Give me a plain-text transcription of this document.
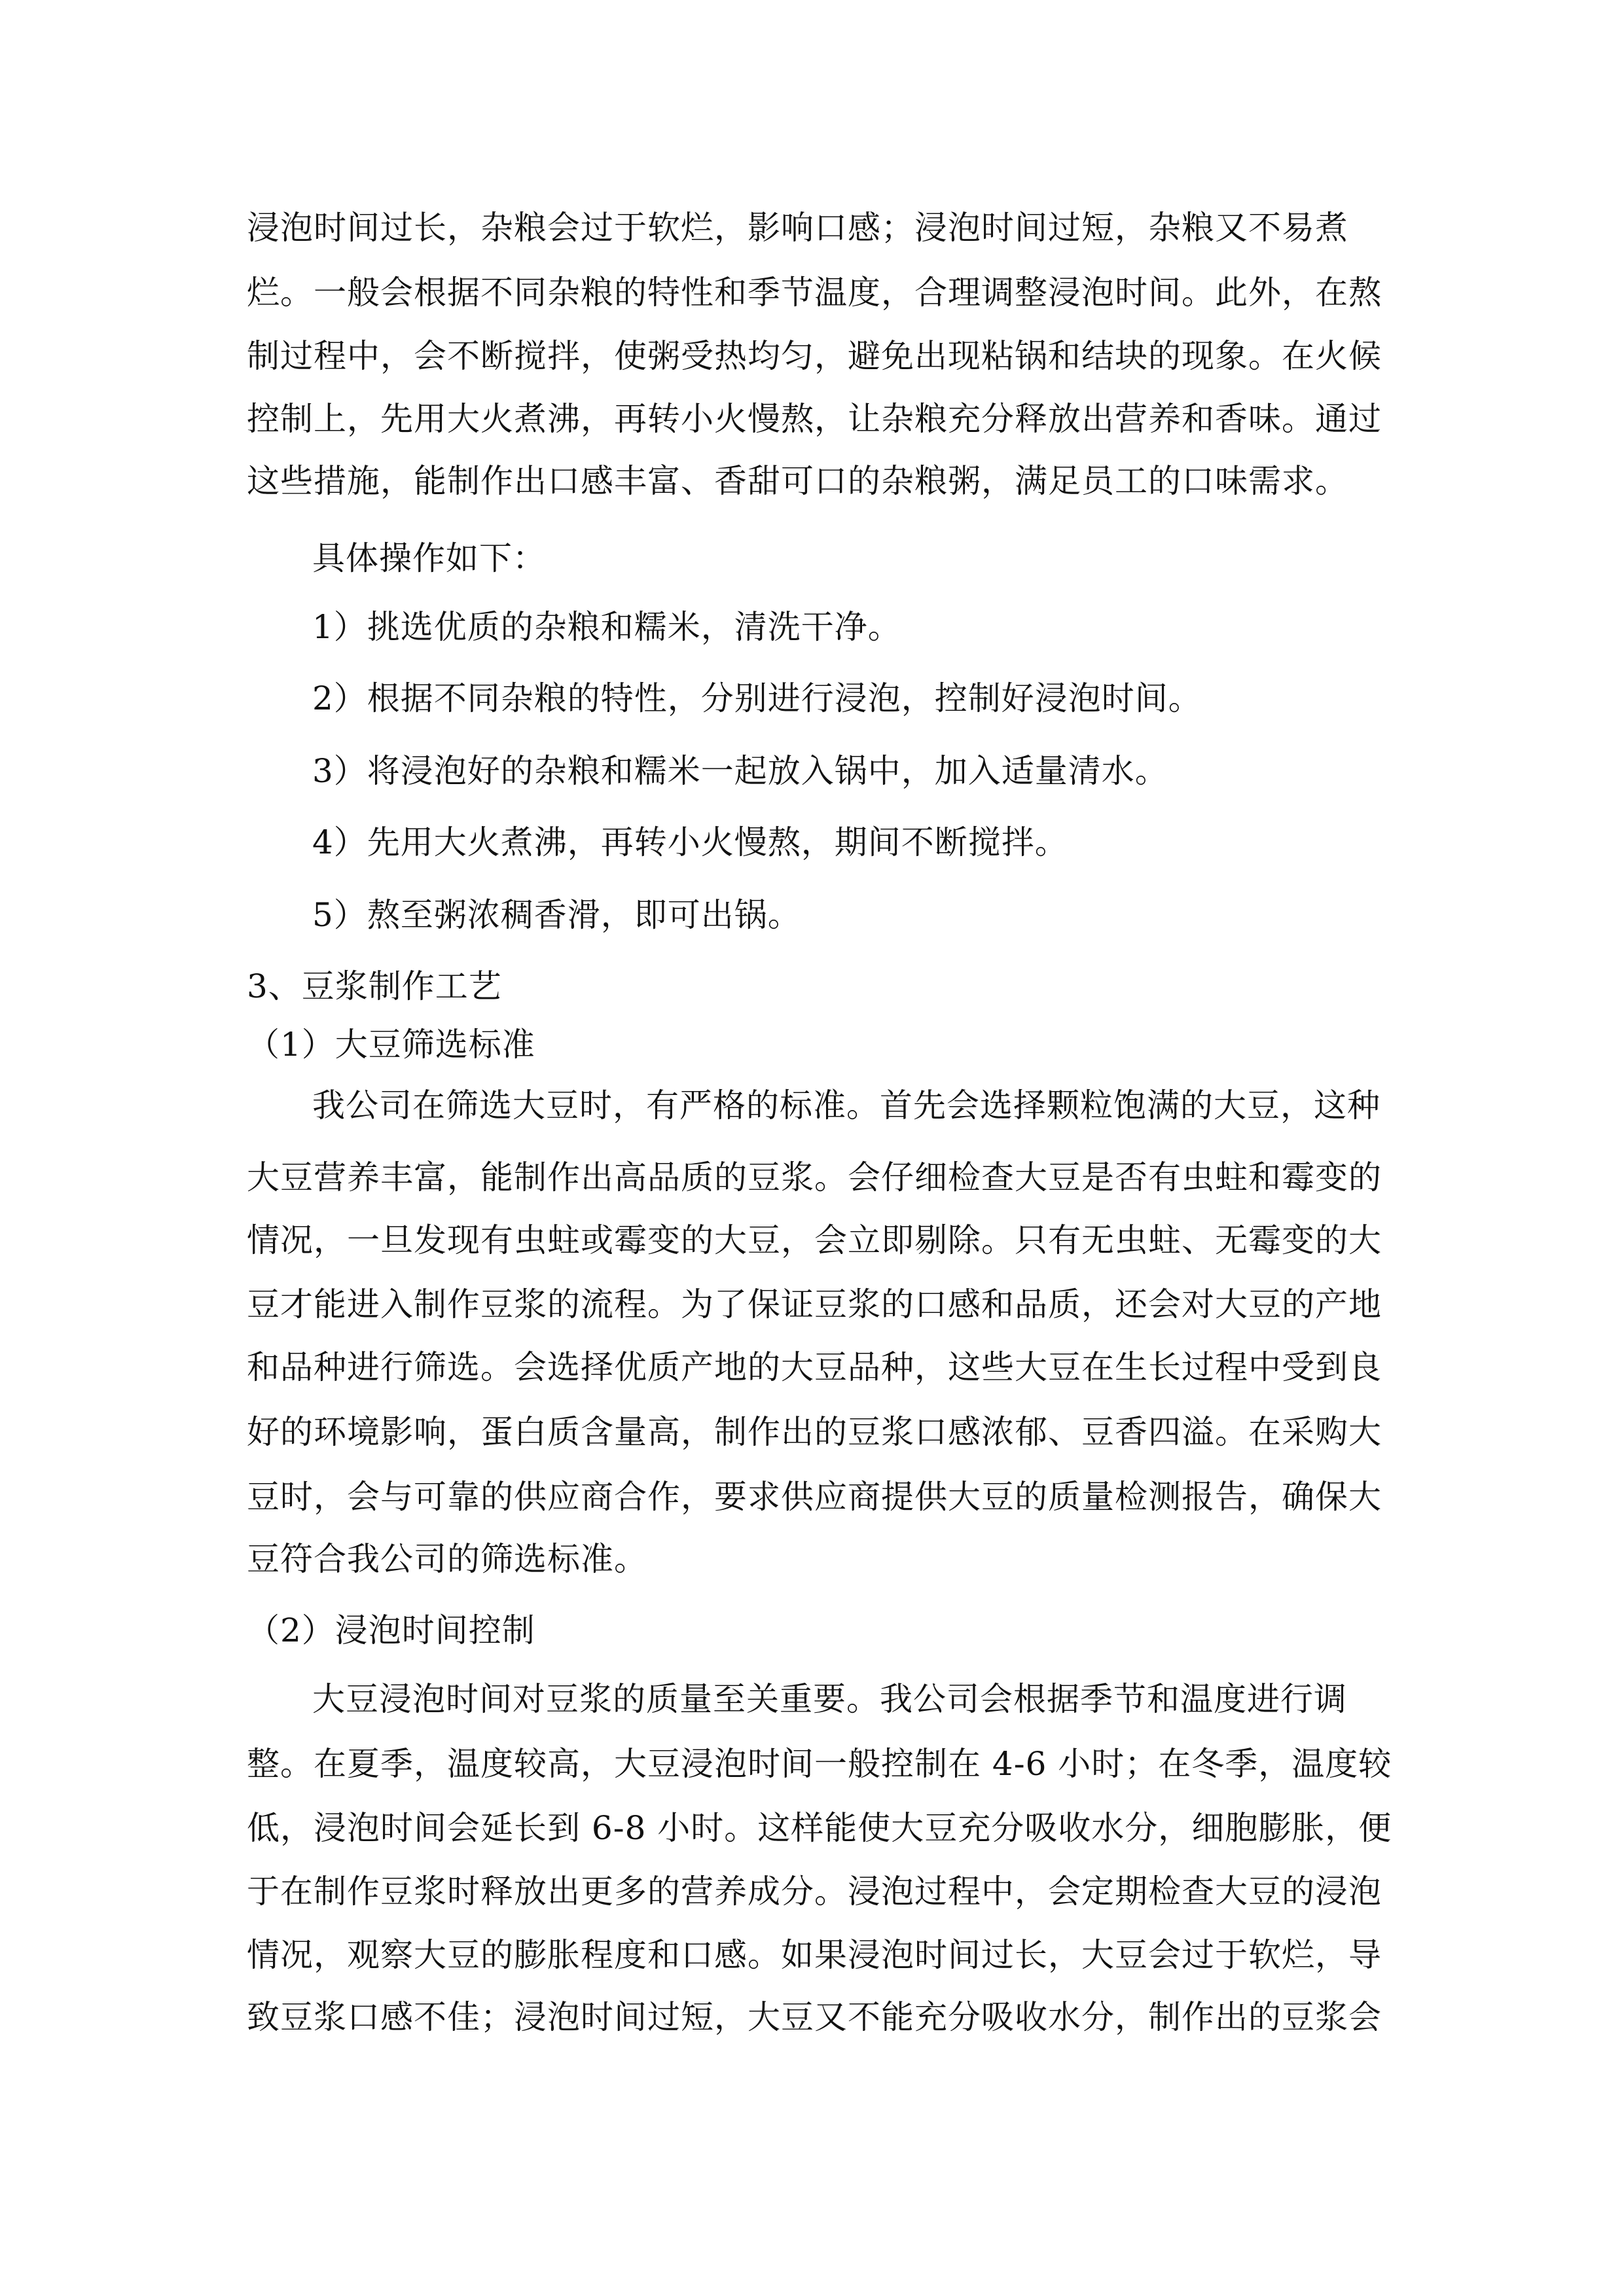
浸泡时间过长，杂粮会过于软烂，影响口感；浸泡时间过短，杂粮又不易煮
烂。一般会根据不同杂粮的特性和季节温度，合理调整浸泡时间。此外，在熬
制过程中，会不断搅拌，使粥受热均匀，避免出现粘锅和结块的现象。在火候
控制上，先用大火煮沸，再转小火慢熬，让杂粮充分释放出营养和香味。通过
这些措施，能制作出口感丰富、香甜可口的杂粮粥，满足员工的口味需求。
具体操作如下：
1）挑选优质的杂粮和糯米，清洗干净。
2）根据不同杂粮的特性，分别进行浸泡，控制好浸泡时间。
3）将浸泡好的杂粮和糯米一起放入锅中，加入适量清水。
4）先用大火煮沸，再转小火慢熬，期间不断搅拌。
5）熬至粥浓稠香滑，即可出锅。
3、豆浆制作工艺
（1）大豆筛选标准
我公司在筛选大豆时，有严格的标准。首先会选择颗粒饱满的大豆，这种
大豆营养丰富，能制作出高品质的豆浆。会仔细检查大豆是否有虫蛀和霉变的
情况，一旦发现有虫蛀或霉变的大豆，会立即剔除。只有无虫蛀、无霉变的大
豆才能进入制作豆浆的流程。为了保证豆浆的口感和品质，还会对大豆的产地
和品种进行筛选。会选择优质产地的大豆品种，这些大豆在生长过程中受到良
好的环境影响，蛋白质含量高，制作出的豆浆口感浓郁、豆香四溢。在采购大
豆时，会与可靠的供应商合作，要求供应商提供大豆的质量检测报告，确保大
豆符合我公司的筛选标准。
（2）浸泡时间控制
大豆浸泡时间对豆浆的质量至关重要。我公司会根据季节和温度进行调
整。在夏季，温度较高，大豆浸泡时间一般控制在 4-6 小时；在冬季，温度较
低，浸泡时间会延长到 6-8 小时。这样能使大豆充分吸收水分，细胞膨胀，便
于在制作豆浆时释放出更多的营养成分。浸泡过程中，会定期检查大豆的浸泡
情况，观察大豆的膨胀程度和口感。如果浸泡时间过长，大豆会过于软烂，导
致豆浆口感不佳；浸泡时间过短，大豆又不能充分吸收水分，制作出的豆浆会
